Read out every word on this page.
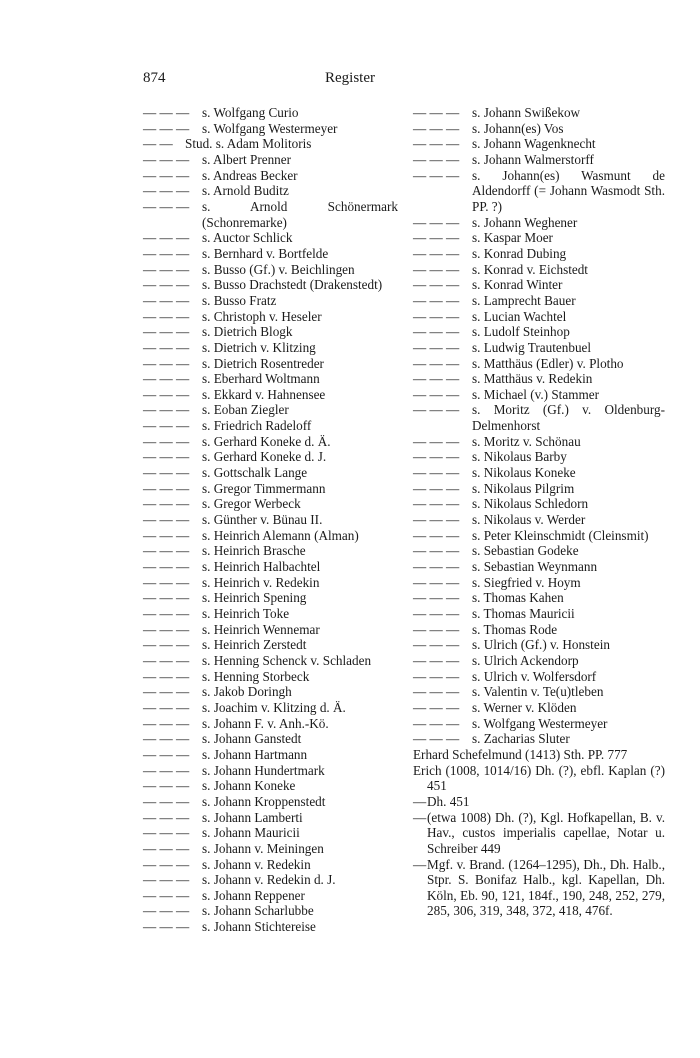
874	Register
— — — s. Wolfgang Curio
— — — s. Wolfgang Westermeyer
— — Stud. s. Adam Molitoris
— — — s. Albert Prenner
— — — s. Andreas Becker
— — — s. Arnold Buditz
— — — s. Arnold Schönermark (Schonremarke)
— — — s. Auctor Schlick
— — — s. Bernhard v. Bortfelde
— — — s. Busso (Gf.) v. Beichlingen
— — — s. Busso Drachstedt (Drakenstedt)
— — — s. Busso Fratz
— — — s. Christoph v. Heseler
— — — s. Dietrich Blogk
— — — s. Dietrich v. Klitzing
— — — s. Dietrich Rosentreder
— — — s. Eberhard Woltmann
— — — s. Ekkard v. Hahnensee
— — — s. Eoban Ziegler
— — — s. Friedrich Radeloff
— — — s. Gerhard Koneke d. Ä.
— — — s. Gerhard Koneke d. J.
— — — s. Gottschalk Lange
— — — s. Gregor Timmermann
— — — s. Gregor Werbeck
— — — s. Günther v. Bünau II.
— — — s. Heinrich Alemann (Alman)
— — — s. Heinrich Brasche
— — — s. Heinrich Halbachtel
— — — s. Heinrich v. Redekin
— — — s. Heinrich Spening
— — — s. Heinrich Toke
— — — s. Heinrich Wennemar
— — — s. Heinrich Zerstedt
— — — s. Henning Schenck v. Schladen
— — — s. Henning Storbeck
— — — s. Jakob Doringh
— — — s. Joachim v. Klitzing d. Ä.
— — — s. Johann F. v. Anh.-Kö.
— — — s. Johann Ganstedt
— — — s. Johann Hartmann
— — — s. Johann Hundertmark
— — — s. Johann Koneke
— — — s. Johann Kroppenstedt
— — — s. Johann Lamberti
— — — s. Johann Mauricii
— — — s. Johann v. Meiningen
— — — s. Johann v. Redekin
— — — s. Johann v. Redekin d. J.
— — — s. Johann Reppener
— — — s. Johann Scharlubbe
— — — s. Johann Stichtereise
— — — s. Johann Swißekow
— — — s. Johann(es) Vos
— — — s. Johann Wagenknecht
— — — s. Johann Walmerstorff
— — — s. Johann(es) Wasmunt de Aldendorff (= Johann Wasmodt Sth. PP. ?)
— — — s. Johann Weghener
— — — s. Kaspar Moer
— — — s. Konrad Dubing
— — — s. Konrad v. Eichstedt
— — — s. Konrad Winter
— — — s. Lamprecht Bauer
— — — s. Lucian Wachtel
— — — s. Ludolf Steinhop
— — — s. Ludwig Trautenbuel
— — — s. Matthäus (Edler) v. Plotho
— — — s. Matthäus v. Redekin
— — — s. Michael (v.) Stammer
— — — s. Moritz (Gf.) v. Oldenburg-Delmenhorst
— — — s. Moritz v. Schönau
— — — s. Nikolaus Barby
— — — s. Nikolaus Koneke
— — — s. Nikolaus Pilgrim
— — — s. Nikolaus Schledorn
— — — s. Nikolaus v. Werder
— — — s. Peter Kleinschmidt (Cleinsmit)
— — — s. Sebastian Godeke
— — — s. Sebastian Weynmann
— — — s. Siegfried v. Hoym
— — — s. Thomas Kahen
— — — s. Thomas Mauricii
— — — s. Thomas Rode
— — — s. Ulrich (Gf.) v. Honstein
— — — s. Ulrich Ackendorp
— — — s. Ulrich v. Wolfersdorf
— — — s. Valentin v. Te(u)tleben
— — — s. Werner v. Klöden
— — — s. Wolfgang Westermeyer
— — — s. Zacharias Sluter
Erhard Schefelmund (1413) Sth. PP. 777
Erich (1008, 1014/16) Dh. (?), ebfl. Kaplan (?) 451
—Dh. 451
—(etwa 1008) Dh. (?), Kgl. Hofkapellan, B. v. Hav., custos imperialis capellae, Notar u. Schreiber 449
—Mgf. v. Brand. (1264–1295), Dh., Dh. Halb., Stpr. S. Bonifaz Halb., kgl. Kapellan, Dh. Köln, Eb. 90, 121, 184f., 190, 248, 252, 279, 285, 306, 319, 348, 372, 418, 476f.
